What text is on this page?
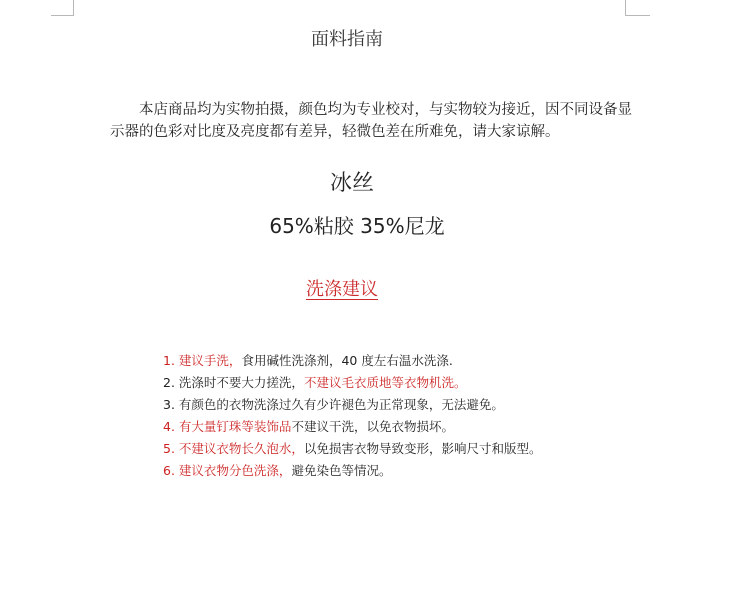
面料指南

　　本店商品均为实物拍摄，颜色均为专业校对，与实物较为接近，因不同设备显示器的色彩对比度及亮度都有差异，轻微色差在所难免，请大家谅解。

冰丝
65%粘胶 35%尼龙
洗涤建议
1. 建议手洗，食用碱性洗涤剂，40 度左右温水洗涤.
2. 洗涤时不要大力搓洗，不建议毛衣质地等衣物机洗。
3. 有颜色的衣物洗涤过久有少许褪色为正常现象，无法避免。
4. 有大量钉珠等装饰品不建议干洗，以免衣物损坏。
5. 不建议衣物长久泡水，以免损害衣物导致变形，影响尺寸和版型。
6. 建议衣物分色洗涤，避免染色等情况。
